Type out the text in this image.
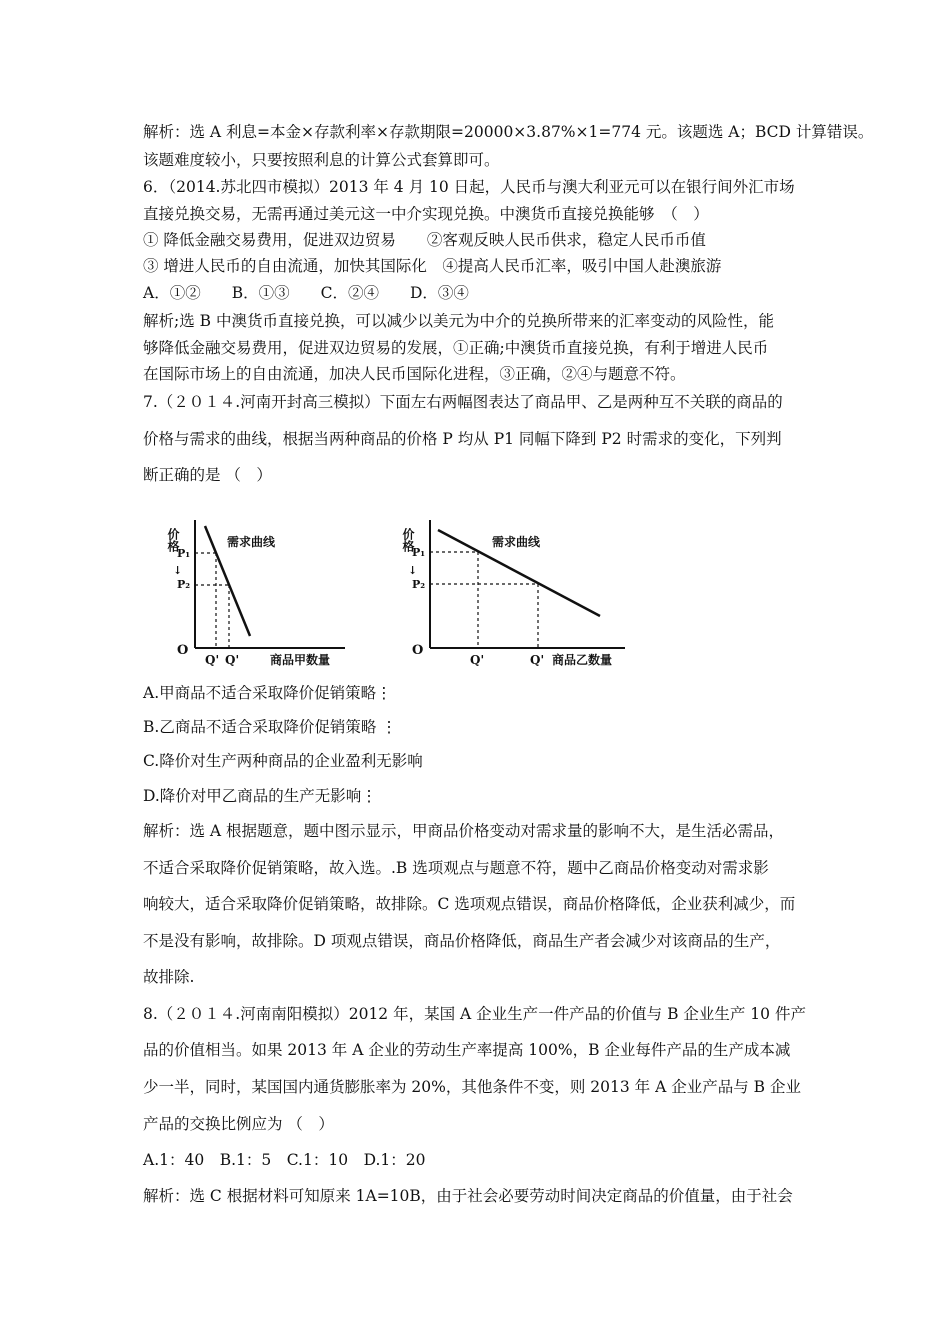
解析：选 A 利息=本金×存款利率×存款期限=20000×3.87%×1=774 元。该题选 A；BCD 计算错误。
该题难度较小，只要按照利息的计算公式套算即可。
6．（2014.苏北四市模拟）2013 年 4 月 10 日起，人民币与澳大利亚元可以在银行间外汇市场
直接兑换交易，无需再通过美元这一中介实现兑换。中澳货币直接兑换能够　（　）
① 降低金融交易费用，促进双边贸易　　②客观反映人民币供求，稳定人民币币值
③ 增进人民币的自由流通，加快其国际化　④提高人民币汇率，吸引中国人赴澳旅游
A．①②　　B．①③　　C．②④　　D．③④
解析;选 B 中澳货币直接兑换，可以减少以美元为中介的兑换所带来的汇率变动的风险性，能
够降低金融交易费用，促进双边贸易的发展，①正确;中澳货币直接兑换，有利于增进人民币
在国际市场上的自由流通，加决人民币国际化进程，③正确，②④与题意不符。
7.（２０１４.河南开封高三模拟）下面左右两幅图表达了商品甲、乙是两种互不关联的商品的
价格与需求的曲线，根据当两种商品的价格 P 均从 P1 同幅下降到 P2 时需求的变化，下列判
断正确的是 （　）
价格	需求曲线
P₁
P₂
O
Q' Q'	商品甲数量
↓
价格	需求曲线
P₁
P₂
O
Q'	Q' 商品乙数量
↓
A.甲商品不适合采取降价促销策略⋮
B.乙商品不适合采取降价促销策略 ⋮
C.降价对生产两种商品的企业盈利无影响
D.降价对甲乙商品的生产无影响⋮
解析：选 A 根据题意，题中图示显示，甲商品价格变动对需求量的影响不大，是生活必需品，
不适合采取降价促销策略，故入选。.B 选项观点与题意不符，题中乙商品价格变动对需求影
响较大，适合采取降价促销策略，故排除。C 选项观点错误，商品价格降低，企业获利减少，而
不是没有影响，故排除。D 项观点错误，商品价格降低，商品生产者会减少对该商品的生产，
故排除.
8.（２０１４.河南南阳模拟）2012 年，某国 A 企业生产一件产品的价值与 B 企业生产 10 件产
品的价值相当。如果 2013 年 A 企业的劳动生产率提高 100%，B 企业每件产品的生产成本减
少一半，同时，某国国内通货膨胀率为 20%，其他条件不变，则 2013 年 A 企业产品与 B 企业
产品的交换比例应为 （　）
A.1：40　B.1：5　C.1：10　D.1：20
解析：选 C 根据材料可知原来 1A=10B，由于社会必要劳动时间决定商品的价值量，由于社会
